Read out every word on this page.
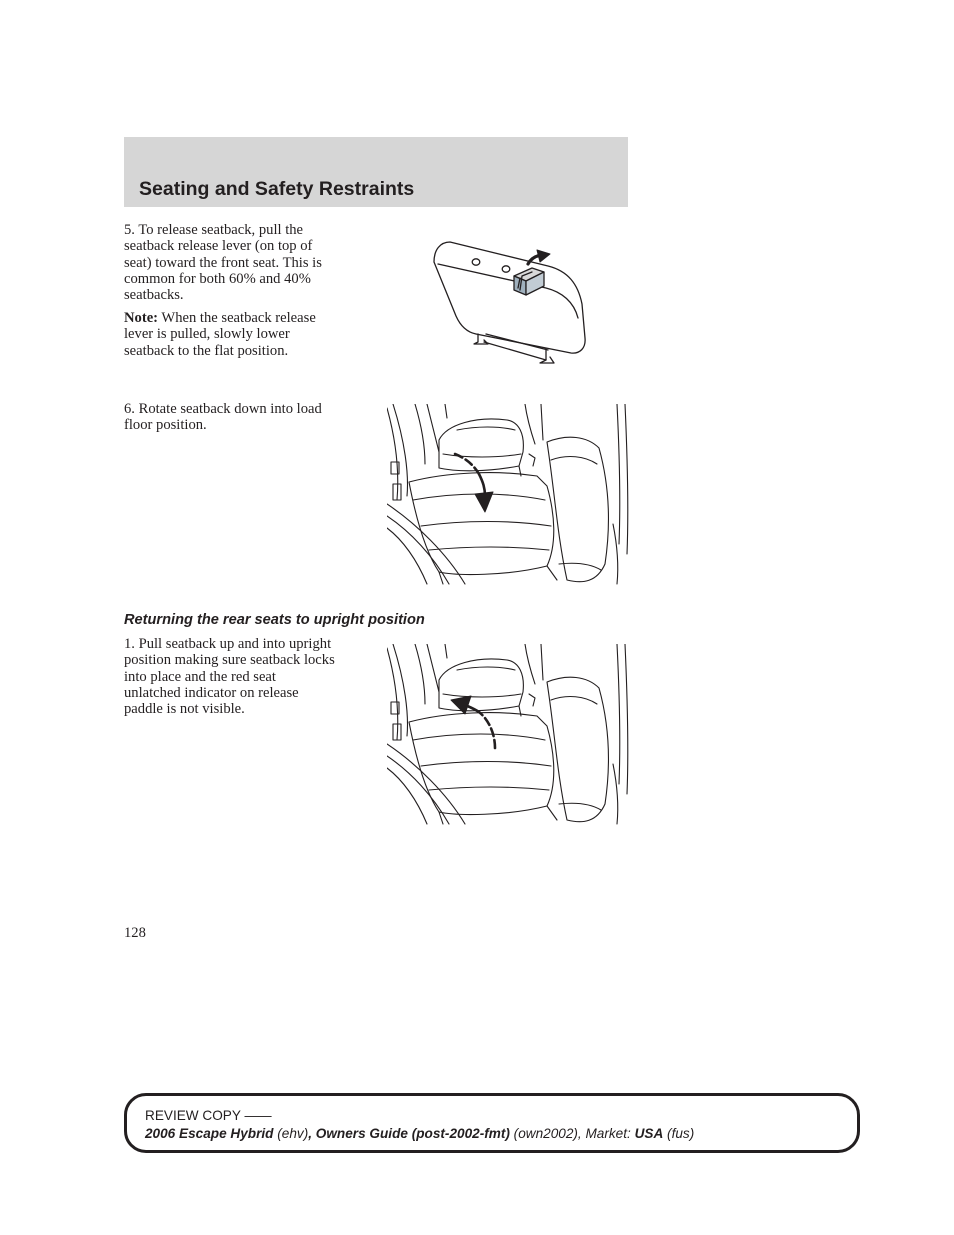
Seating and Safety Restraints

5. To release seatback, pull the
seatback release lever (on top of
seat) toward the front seat. This is
common for both 60% and 40%
seatbacks.

Note: When the seatback release
lever is pulled, slowly lower
seatback to the flat position.

6. Rotate seatback down into load
floor position.

Returning the rear seats to upright position

1. Pull seatback up and into upright
position making sure seatback locks
into place and the red seat
unlatched indicator on release
paddle is not visible.

128

REVIEW COPY ——
2006 Escape Hybrid (ehv), Owners Guide (post-2002-fmt) (own2002), Market: USA (fus)
